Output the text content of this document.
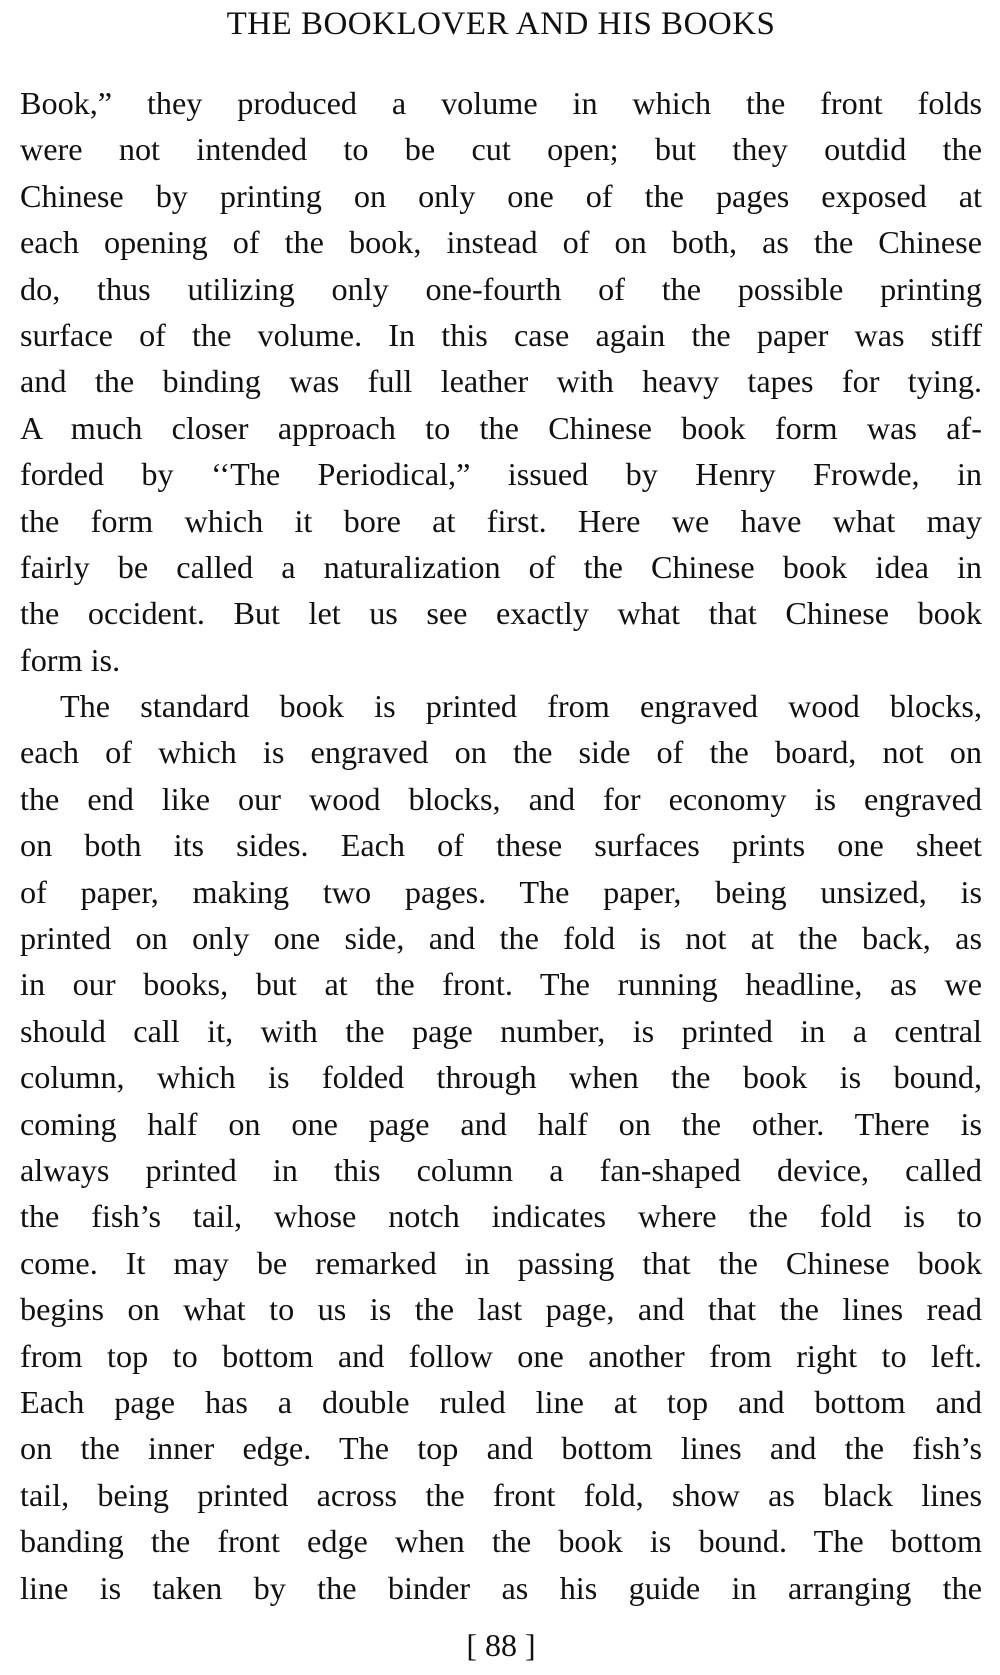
THE BOOKLOVER AND HIS BOOKS
Book,” they produced a volume in which the front folds
were not intended to be cut open; but they outdid the
Chinese by printing on only one of the pages exposed at
each opening of the book, instead of on both, as the Chinese
do, thus utilizing only one-fourth of the possible printing
surface of the volume. In this case again the paper was stiff
and the binding was full leather with heavy tapes for tying.
A much closer approach to the Chinese book form was af-
forded by ‘‘The Periodical,” issued by Henry Frowde, in
the form which it bore at first. Here we have what may
fairly be called a naturalization of the Chinese book idea in
the occident. But let us see exactly what that Chinese book
form is.
The standard book is printed from engraved wood blocks,
each of which is engraved on the side of the board, not on
the end like our wood blocks, and for economy is engraved
on both its sides. Each of these surfaces prints one sheet
of paper, making two pages. The paper, being unsized, is
printed on only one side, and the fold is not at the back, as
in our books, but at the front. The running headline, as we
should call it, with the page number, is printed in a central
column, which is folded through when the book is bound,
coming half on one page and half on the other. There is
always printed in this column a fan-shaped device, called
the fish’s tail, whose notch indicates where the fold is to
come. It may be remarked in passing that the Chinese book
begins on what to us is the last page, and that the lines read
from top to bottom and follow one another from right to left.
Each page has a double ruled line at top and bottom and
on the inner edge. The top and bottom lines and the fish’s
tail, being printed across the front fold, show as black lines
banding the front edge when the book is bound. The bottom
line is taken by the binder as his guide in arranging the
[ 88 ]
